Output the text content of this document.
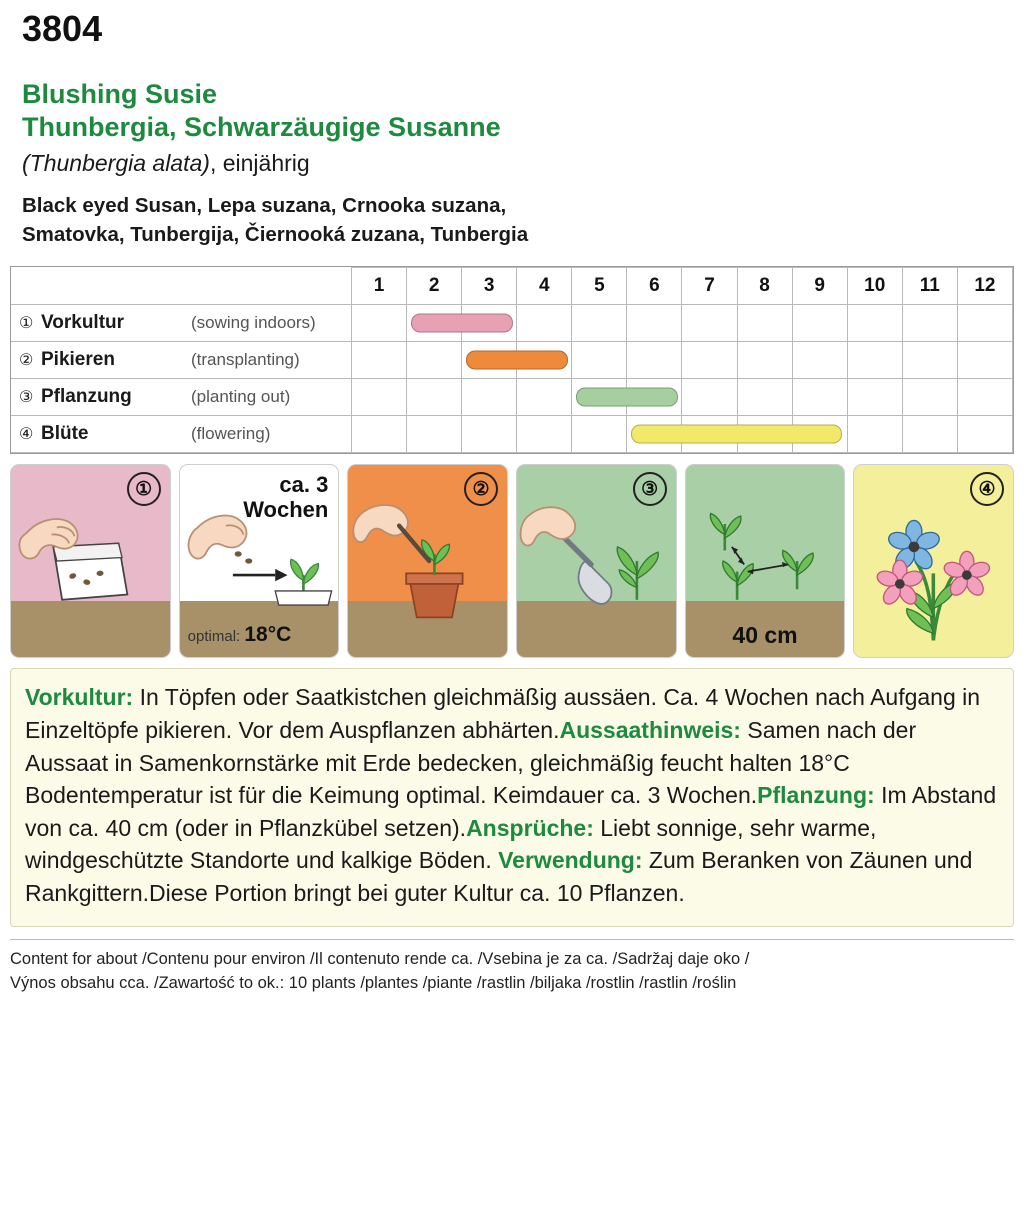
3804
Blushing Susie
Thunbergia, Schwarzäugige Susanne
(Thunbergia alata), einjährig
Black eyed Susan, Lepa suzana, Crnooka suzana,
Smatovka, Tunbergija, Čiernooká zuzana, Tunbergia
	1	2	3	4	5	6	7	8	9	10	11	12
① Vorkultur (sowing indoors)		

② Pikieren (transplanting)			

③ Pflanzung (planting out)					

④ Blüte (flowering)						

①	ca. 3
Wochen
optimal: 18°C
②	③
40 cm
④

Vorkultur: In Töpfen oder Saatkistchen gleichmäßig aussäen. Ca. 4 Wochen nach Aufgang in Einzeltöpfe pikieren. Vor dem Auspflanzen abhärten.Aussaathinweis: Samen nach der Aussaat in Samenkornstärke mit Erde bedecken, gleichmäßig feucht halten 18°C Bodentemperatur ist für die Keimung optimal. Keimdauer ca. 3 Wochen.Pflanzung: Im Abstand von ca. 40 cm (oder in Pflanzkübel setzen).Ansprüche: Liebt sonnige, sehr warme, windgeschützte Standorte und kalkige Böden. Verwendung: Zum Beranken von Zäunen und Rankgittern.Diese Portion bringt bei guter Kultur ca. 10 Pflanzen.

Content for about /Contenu pour environ /Il contenuto rende ca. /Vsebina je za ca. /Sadržaj daje oko /
Výnos obsahu cca. /Zawartość to ok.: 10 plants /plantes /piante /rastlin /biljaka /rostlin /rastlin /roślin
